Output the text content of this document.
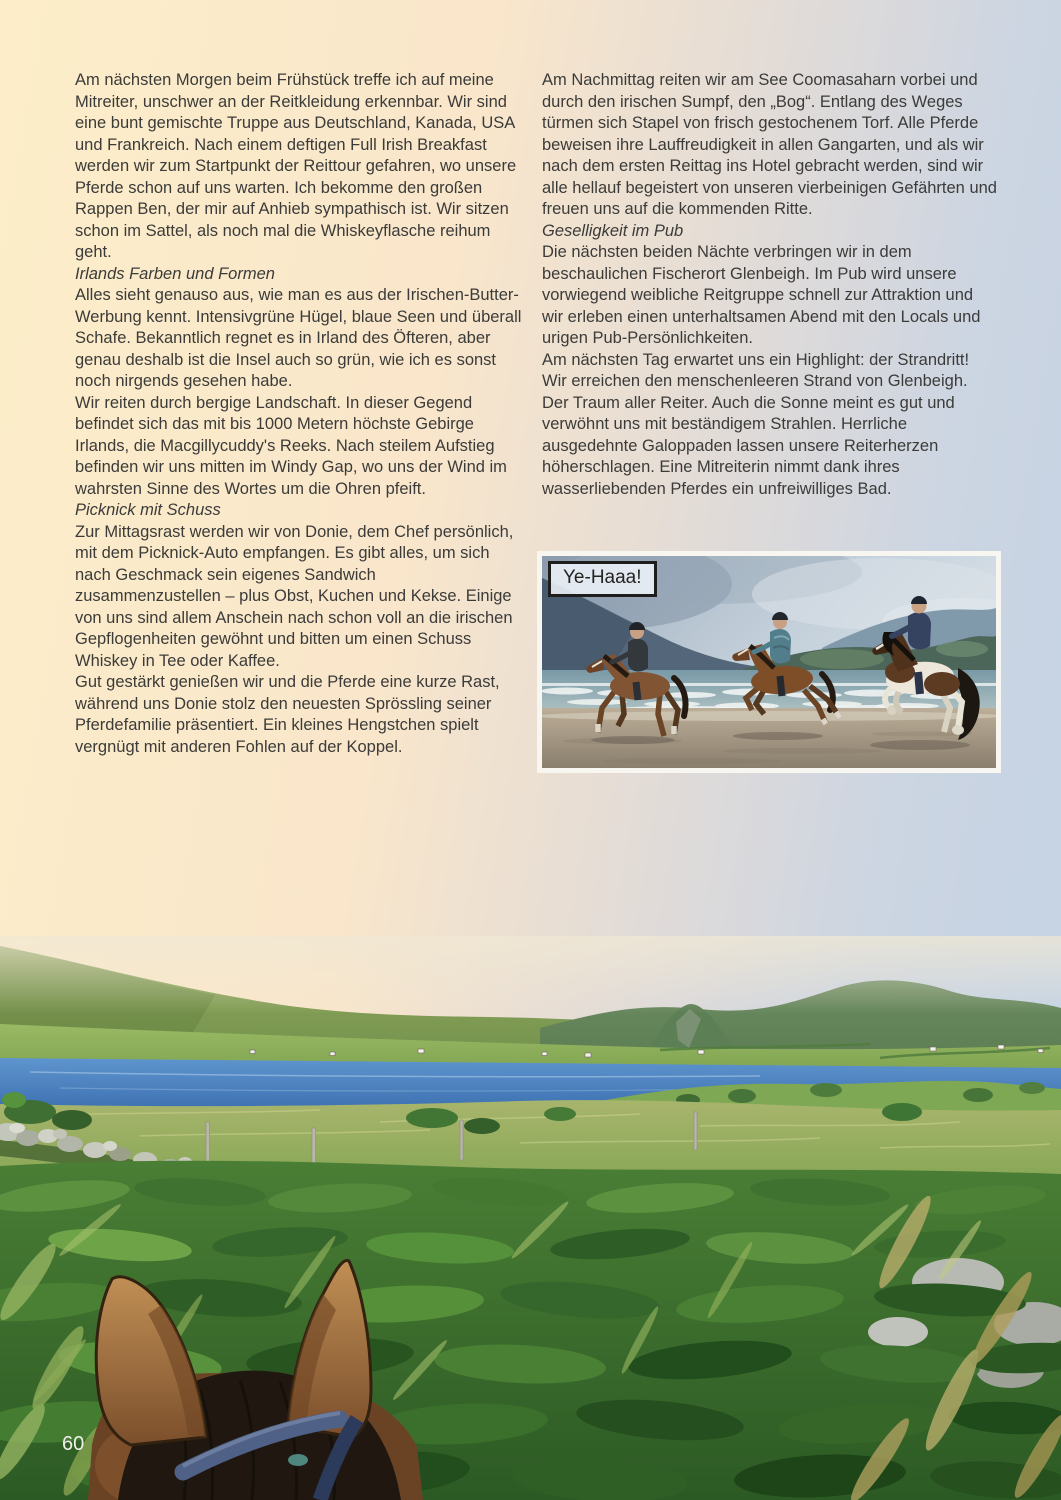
Am nächsten Morgen beim Frühstück treffe ich auf meine Mitreiter, unschwer an der Reitkleidung erkennbar. Wir sind eine bunt gemischte Truppe aus Deutschland, Kanada, USA und Frankreich. Nach einem deftigen Full Irish Breakfast werden wir zum Startpunkt der Reittour gefahren, wo unsere Pferde schon auf uns warten. Ich bekomme den großen Rappen Ben, der mir auf Anhieb sympathisch ist. Wir sitzen schon im Sattel, als noch mal die Whiskeyflasche reihum geht.

Irlands Farben und Formen

Alles sieht genauso aus, wie man es aus der Irischen-Butter-Werbung kennt. Intensivgrüne Hügel, blaue Seen und überall Schafe. Bekanntlich regnet es in Irland des Öfteren, aber genau deshalb ist die Insel auch so grün, wie ich es sonst noch nirgends gesehen habe.

Wir reiten durch bergige Landschaft. In dieser Gegend befindet sich das mit bis 1000 Metern höchste Gebirge Irlands, die Macgillycuddy's Reeks. Nach steilem Aufstieg befinden wir uns mitten im Windy Gap, wo uns der Wind im wahrsten Sinne des Wortes um die Ohren pfeift.

Picknick mit Schuss

Zur Mittagsrast werden wir von Donie, dem Chef persönlich, mit dem Picknick-Auto empfangen. Es gibt alles, um sich nach Geschmack sein eigenes Sandwich zusammenzustellen – plus Obst, Kuchen und Kekse. Einige von uns sind allem Anschein nach schon voll an die irischen Gepflogenheiten gewöhnt und bitten um einen Schuss Whiskey in Tee oder Kaffee.

Gut gestärkt genießen wir und die Pferde eine kurze Rast, während uns Donie stolz den neuesten Sprössling seiner Pferdefamilie präsentiert. Ein kleines Hengstchen spielt vergnügt mit anderen Fohlen auf der Koppel.

Am Nachmittag reiten wir am See Coomasaharn vorbei und durch den irischen Sumpf, den „Bog“. Entlang des Weges türmen sich Stapel von frisch gestochenem Torf. Alle Pferde beweisen ihre Lauffreudigkeit in allen Gangarten, und als wir nach dem ersten Reittag ins Hotel gebracht werden, sind wir alle hellauf begeistert von unseren vierbeinigen Gefährten und freuen uns auf die kommenden Ritte.

Geselligkeit im Pub

Die nächsten beiden Nächte verbringen wir in dem beschaulichen Fischerort Glenbeigh. Im Pub wird unsere vorwiegend weibliche Reitgruppe schnell zur Attraktion und wir erleben einen unterhaltsamen Abend mit den Locals und urigen Pub-Persönlichkeiten.

Am nächsten Tag erwartet uns ein Highlight: der Strandritt! Wir erreichen den menschenleeren Strand von Glenbeigh. Der Traum aller Reiter. Auch die Sonne meint es gut und verwöhnt uns mit beständigem Strahlen. Herrliche ausgedehnte Galoppaden lassen unsere Reiterherzen höherschlagen. Eine Mitreiterin nimmt dank ihres wasserliebenden Pferdes ein unfreiwilliges Bad.

Ye-Haaa!
60
